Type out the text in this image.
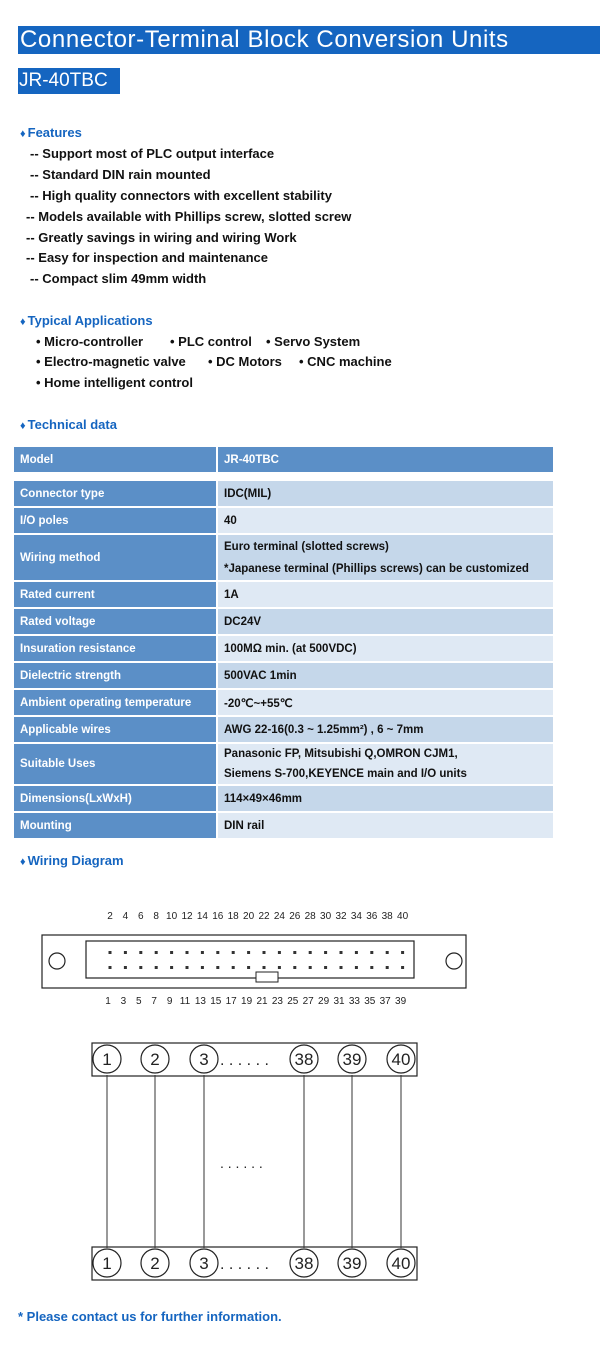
Connector-Terminal Block Conversion Units
JR-40TBC
♦ Features
-- Support most of PLC output interface
-- Standard DIN rain mounted
-- High quality connectors with excellent stability
-- Models available with Phillips screw, slotted screw
-- Greatly savings in wiring and wiring Work
-- Easy for inspection and maintenance
-- Compact slim 49mm width
♦ Typical Applications
• Micro-controller • PLC control • Servo System
• Electro-magnetic valve • DC Motors • CNC machine
• Home intelligent control
♦ Technical data
Model	JR-40TBC

Connector type	IDC(MIL)
I/O poles	40
Wiring method	Euro terminal (slotted screws)
*Japanese terminal (Phillips screws) can be customized

Rated current	1A
Rated voltage	DC24V
Insuration resistance	100MΩ min. (at 500VDC)
Dielectric strength	500VAC 1min
Ambient operating temperature	-20℃~+55℃
Applicable wires	AWG 22-16(0.3 ~ 1.25mm²) , 6 ~ 7mm
Suitable Uses	Panasonic FP, Mitsubishi Q,OMRON CJM1,
Siemens S-700,KEYENCE main and I/O units

Dimensions(LxWxH)	114×49×46mm
Mounting	DIN rail
♦ Wiring Diagram
2 4 6 8 10 12 14 16 18 20 22 24 26 28 30 32 34 36 38 40
1 3 5 7 9 11 13 15 17 19 21 23 25 27 29 31 33 35 37 39
1
1
2
2
3
3
38
38
39
39
40
40
. . . . . .
. . . . . .
. . . . . .
* Please contact us for further information.
